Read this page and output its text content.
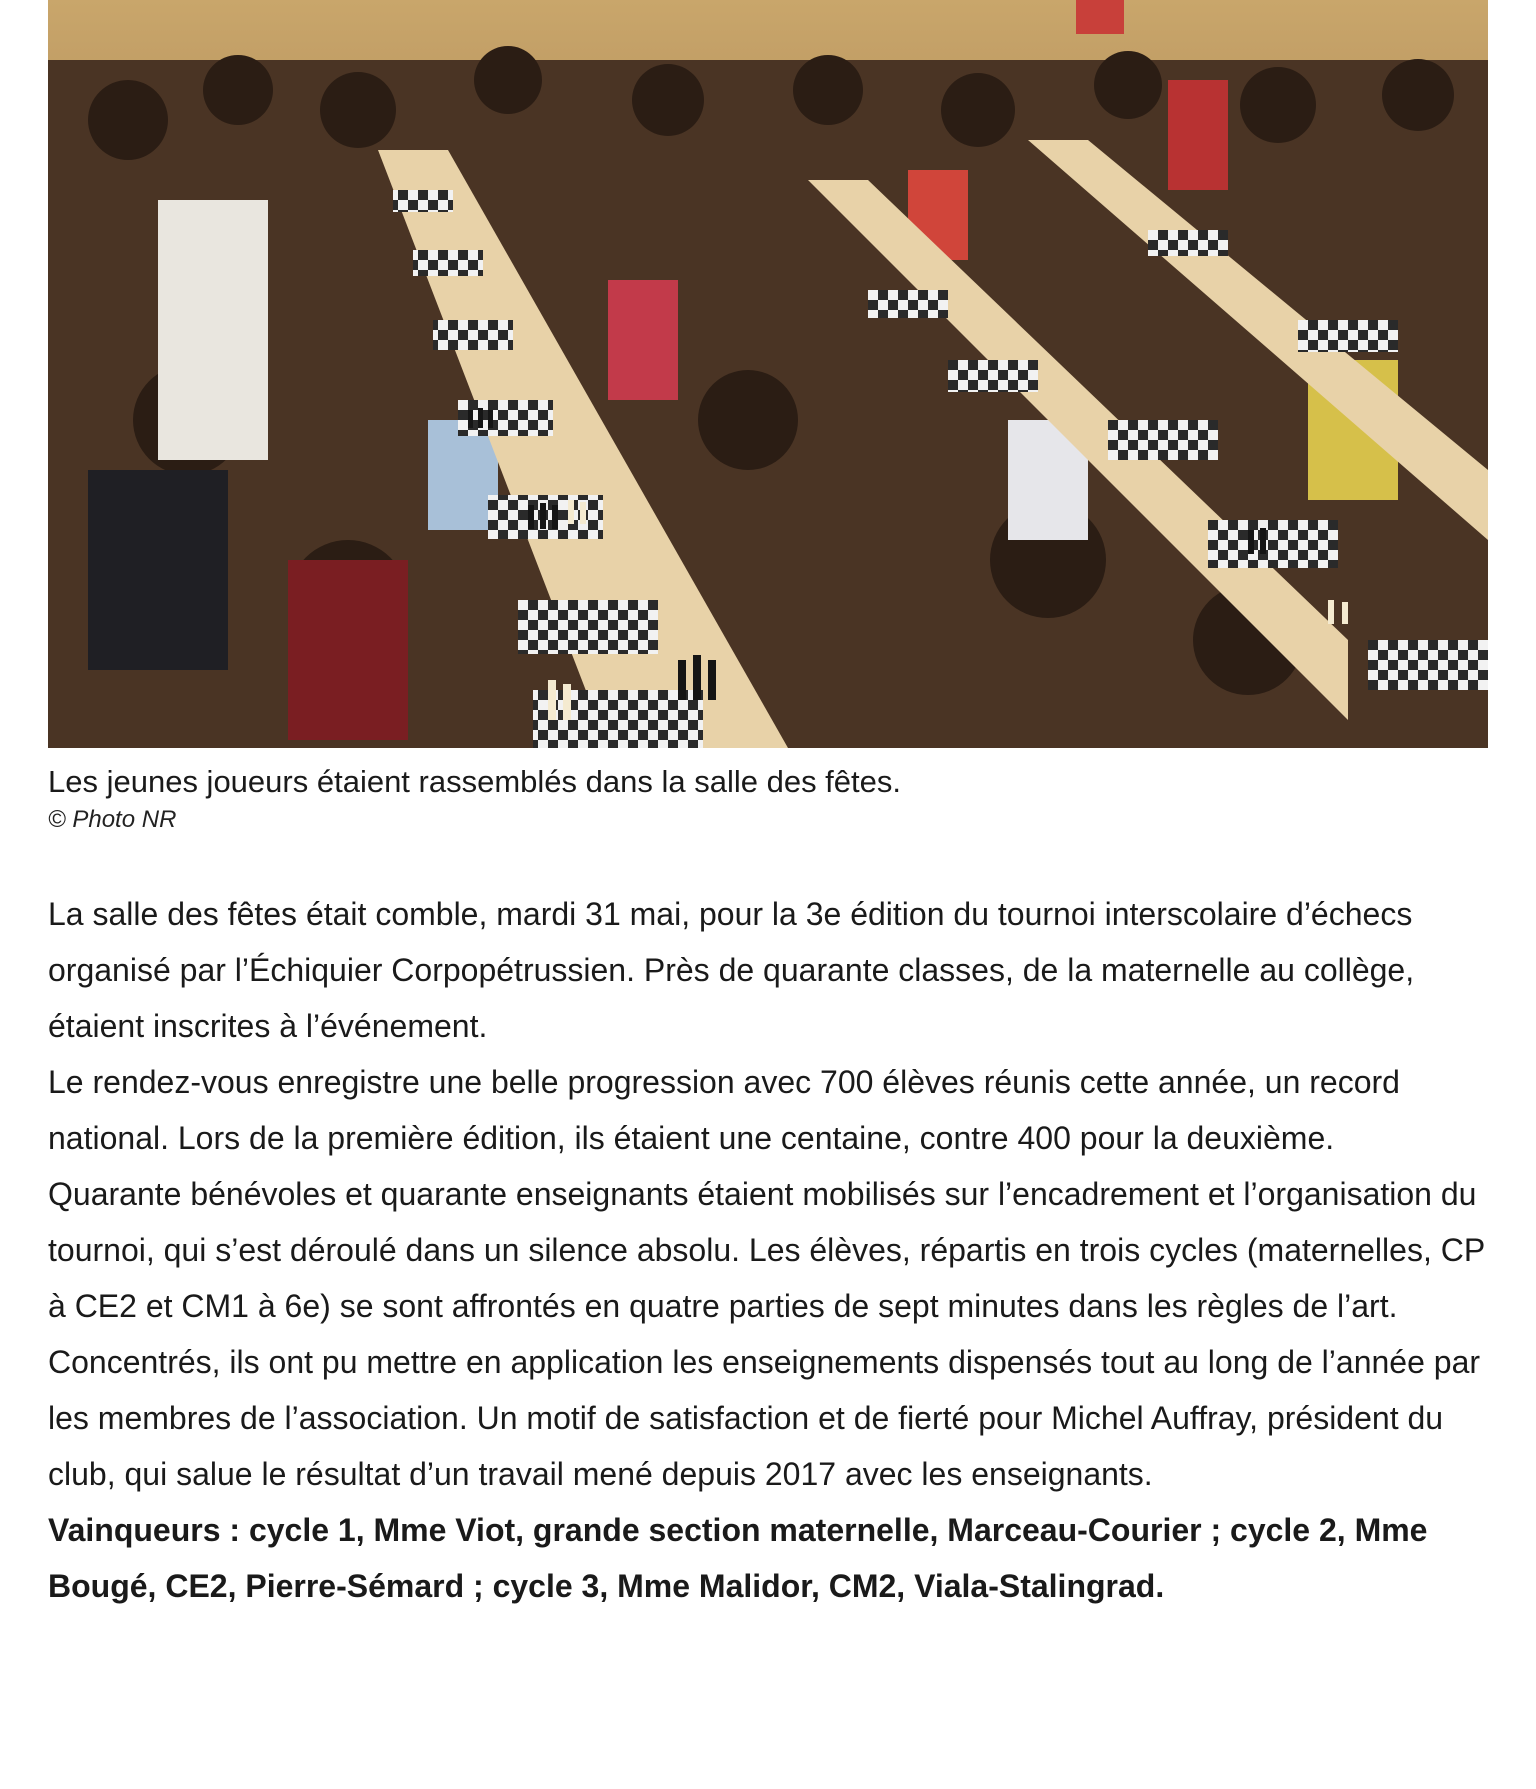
Les jeunes joueurs étaient rassemblés dans la salle des fêtes.
© Photo NR

La salle des fêtes était comble, mardi 31 mai, pour la 3e édition du tournoi interscolaire d’échecs organisé par l’Échiquier Corpopétrussien. Près de quarante classes, de la maternelle au collège, étaient inscrites à l’événement.

Le rendez-vous enregistre une belle progression avec 700 élèves réunis cette année, un record national. Lors de la première édition, ils étaient une centaine, contre 400 pour la deuxième.

Quarante bénévoles et quarante enseignants étaient mobilisés sur l’encadrement et l’organisation du tournoi, qui s’est déroulé dans un silence absolu. Les élèves, répartis en trois cycles (maternelles, CP à CE2 et CM1 à 6e) se sont affrontés en quatre parties de sept minutes dans les règles de l’art.

Concentrés, ils ont pu mettre en application les enseignements dispensés tout au long de l’année par les membres de l’association. Un motif de satisfaction et de fierté pour Michel Auffray, président du club, qui salue le résultat d’un travail mené depuis 2017 avec les enseignants.

Vainqueurs : cycle 1, Mme Viot, grande section maternelle, Marceau-Courier ; cycle 2, Mme Bougé, CE2, Pierre-Sémard ; cycle 3, Mme Malidor, CM2, Viala-Stalingrad.
